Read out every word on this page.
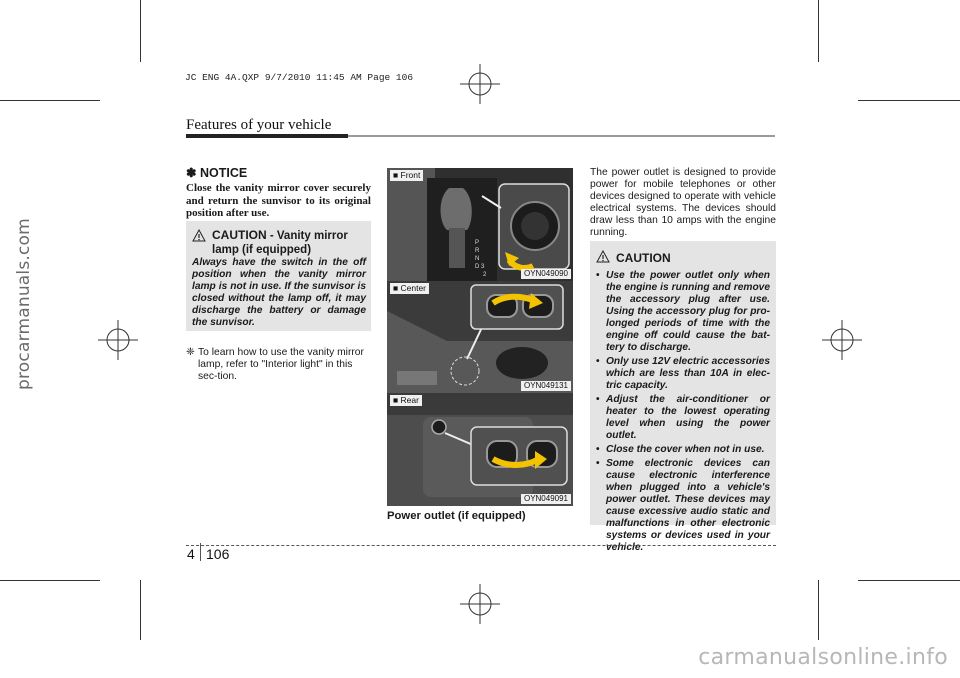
procarmanuals.com
JC ENG 4A.QXP 9/7/2010 11:45 AM Page 106
Features of your vehicle
✽ NOTICE
Close the vanity mirror cover securely and return the sunvisor to its original position after use.
CAUTION - Vanity mirror
lamp (if equipped)
Always have the switch in the off position when the vanity mirror lamp is not in use. If the sunvisor is closed without the lamp off, it may discharge the battery or damage the sunvisor.
❈ To learn how to use the vanity mirror
lamp, refer to "Interior light" in this sec-tion.
P
R
N
D 3
2
■ Front
OYN049090
■ Center
OYN049131
■ Rear
OYN049091
Power outlet (if equipped)
The power outlet is designed to provide power for mobile telephones or other devices designed to operate with vehicle electrical systems. The devices should draw less than 10 amps with the engine running.
CAUTION
• Use the power outlet only when the engine is running and remove the accessory plug after use. Using the accessory plug for pro-longed periods of time with the engine off could cause the bat-tery to discharge.
• Only use 12V electric accessories which are less than 10A in elec-tric capacity.
• Adjust the air-conditioner or heater to the lowest operating level when using the power outlet.
• Close the cover when not in use.
• Some electronic devices can cause electronic interference when plugged into a vehicle's power outlet. These devices may cause excessive audio static and malfunctions in other electronic systems or devices used in your vehicle.
4 106
carmanualsonline.info
